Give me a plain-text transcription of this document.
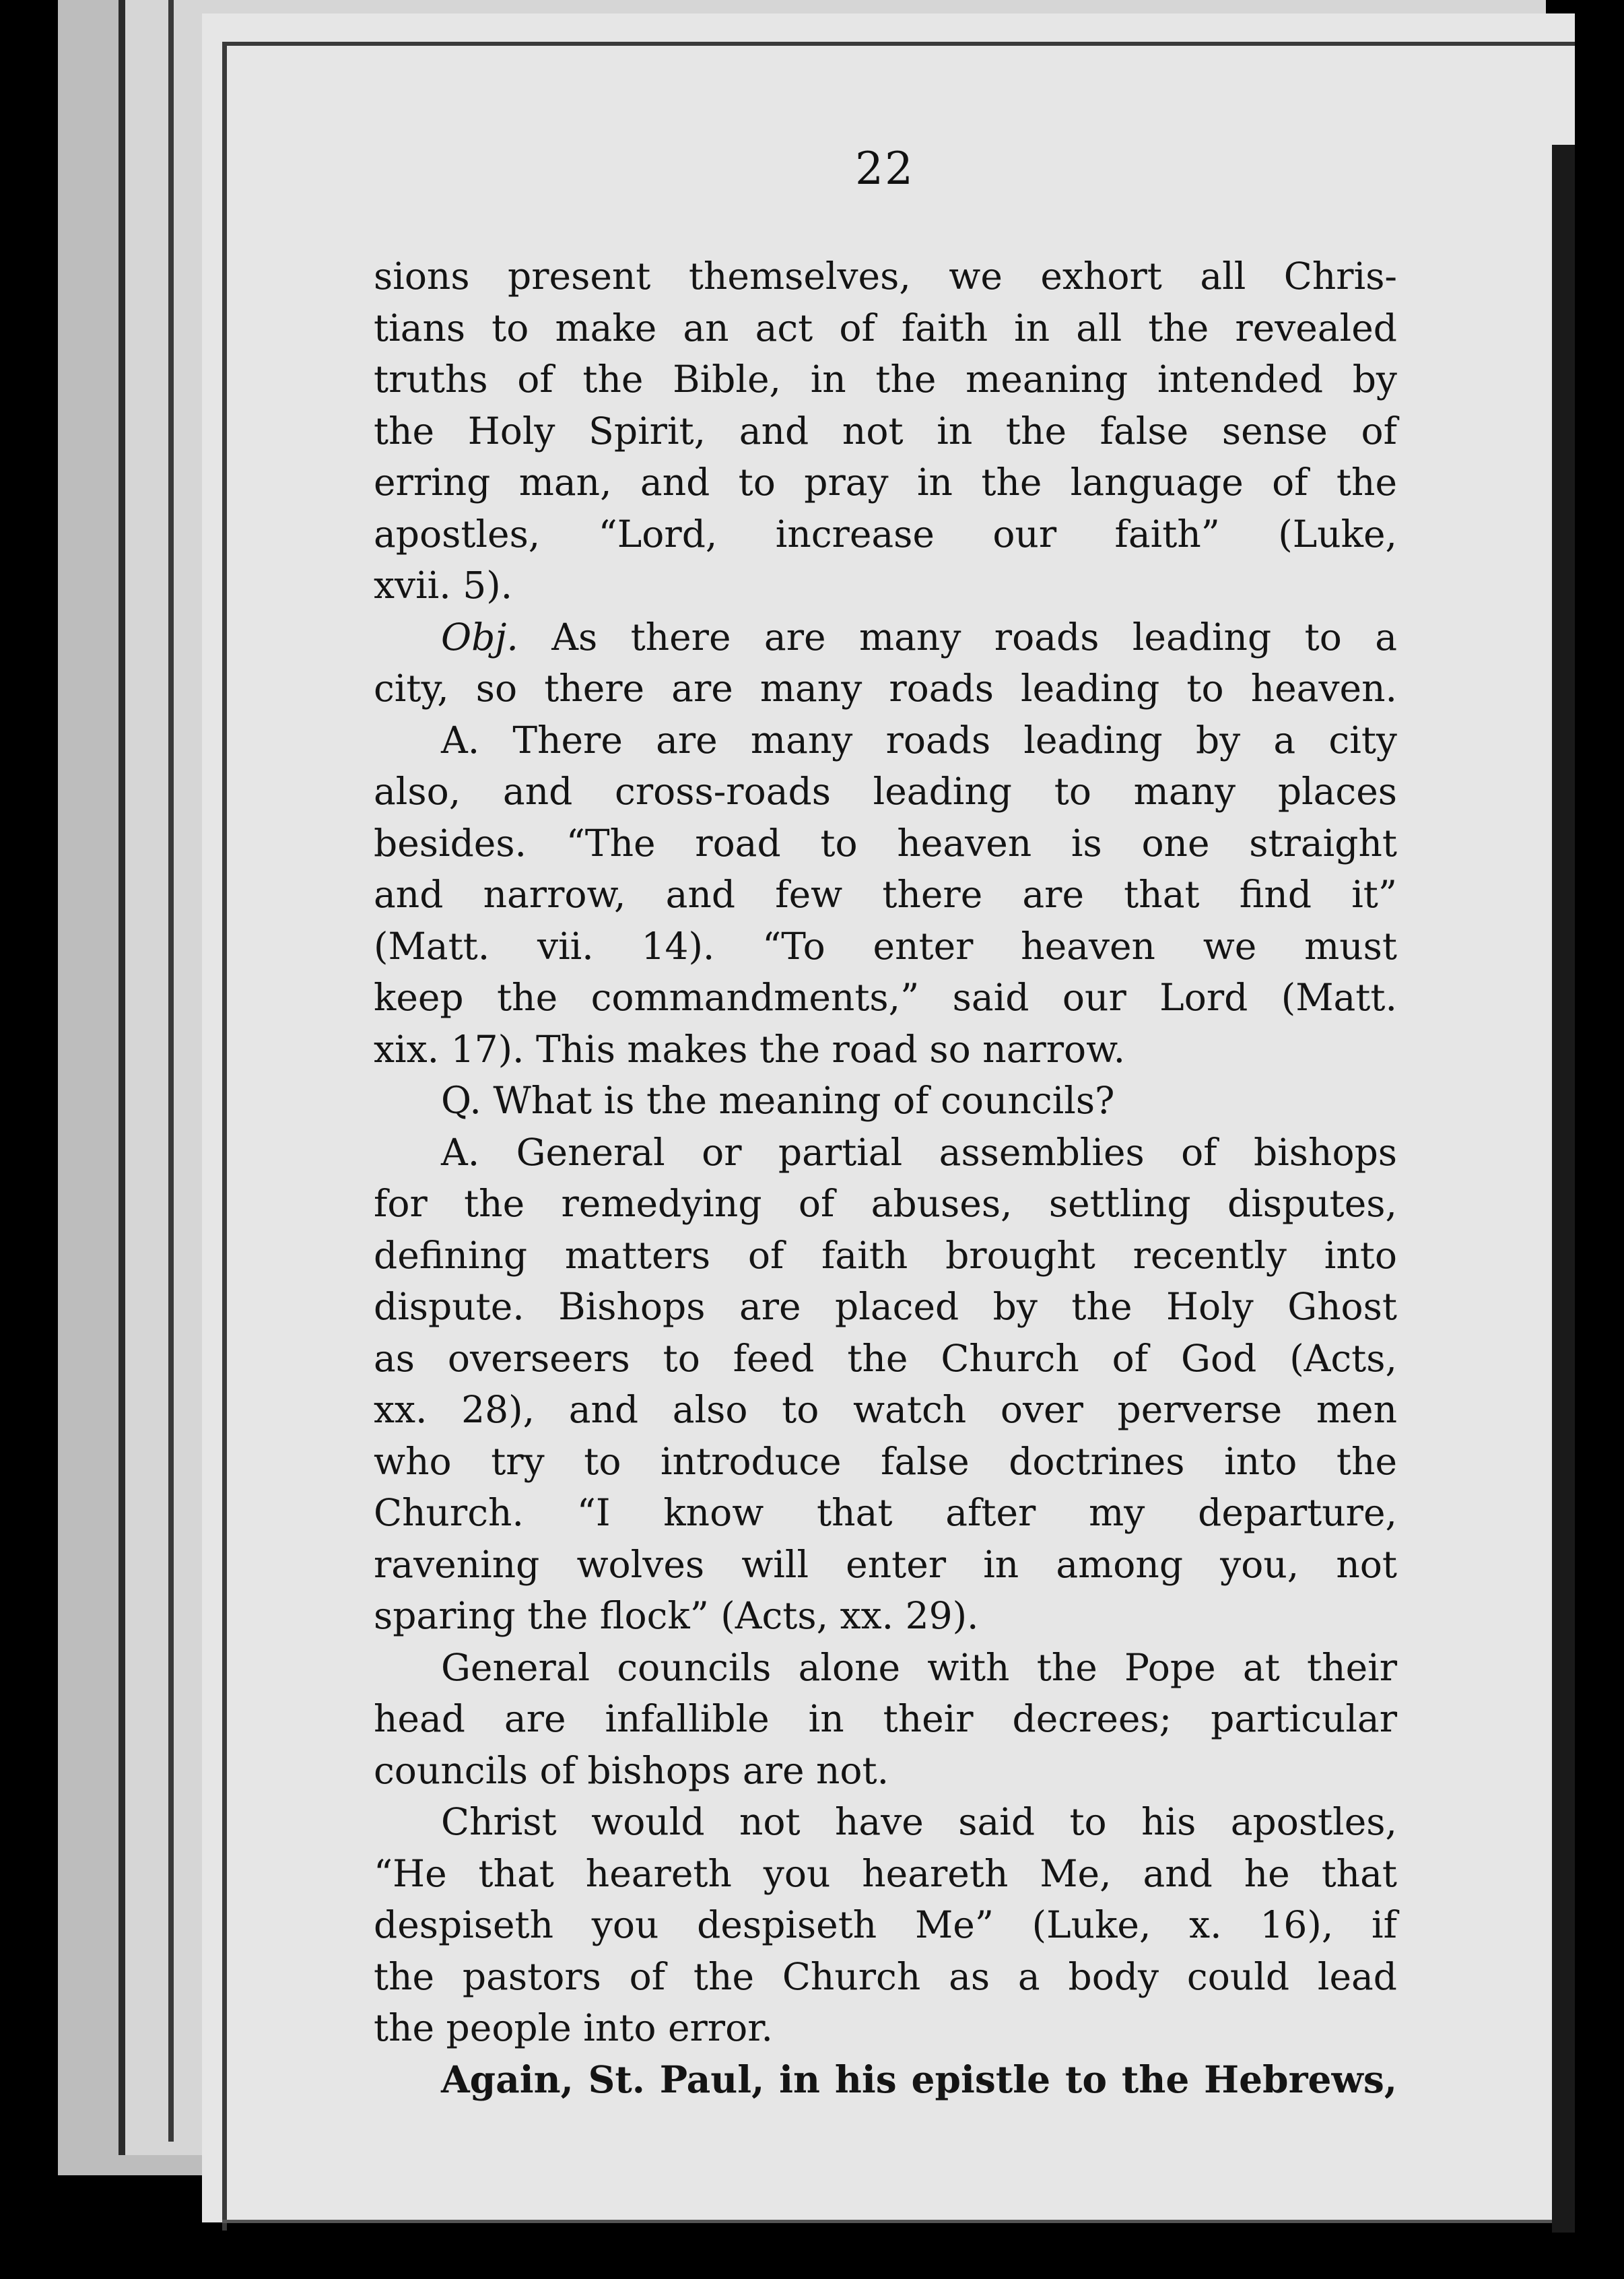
22
sions present themselves, we exhort all Chris-
tians to make an act of faith in all the revealed
truths of the Bible, in the meaning intended by
the Holy Spirit, and not in the false sense of
erring man, and to pray in the language of the
apostles, “Lord, increase our faith” (Luke,
xvii. 5).
Obj. As there are many roads leading to a
city, so there are many roads leading to heaven.
A. There are many roads leading by a city
also, and cross-roads leading to many places
besides. “The road to heaven is one straight
and narrow, and few there are that find it”
(Matt. vii. 14). “To enter heaven we must
keep the commandments,” said our Lord (Matt.
xix. 17). This makes the road so narrow.
Q. What is the meaning of councils?
A. General or partial assemblies of bishops
for the remedying of abuses, settling disputes,
defining matters of faith brought recently into
dispute. Bishops are placed by the Holy Ghost
as overseers to feed the Church of God (Acts,
xx. 28), and also to watch over perverse men
who try to introduce false doctrines into the
Church. “I know that after my departure,
ravening wolves will enter in among you, not
sparing the flock” (Acts, xx. 29).
General councils alone with the Pope at their
head are infallible in their decrees; particular
councils of bishops are not.
Christ would not have said to his apostles,
“He that heareth you heareth Me, and he that
despiseth you despiseth Me” (Luke, x. 16), if
the pastors of the Church as a body could lead
the people into error.
Again, St. Paul, in his epistle to the Hebrews,
